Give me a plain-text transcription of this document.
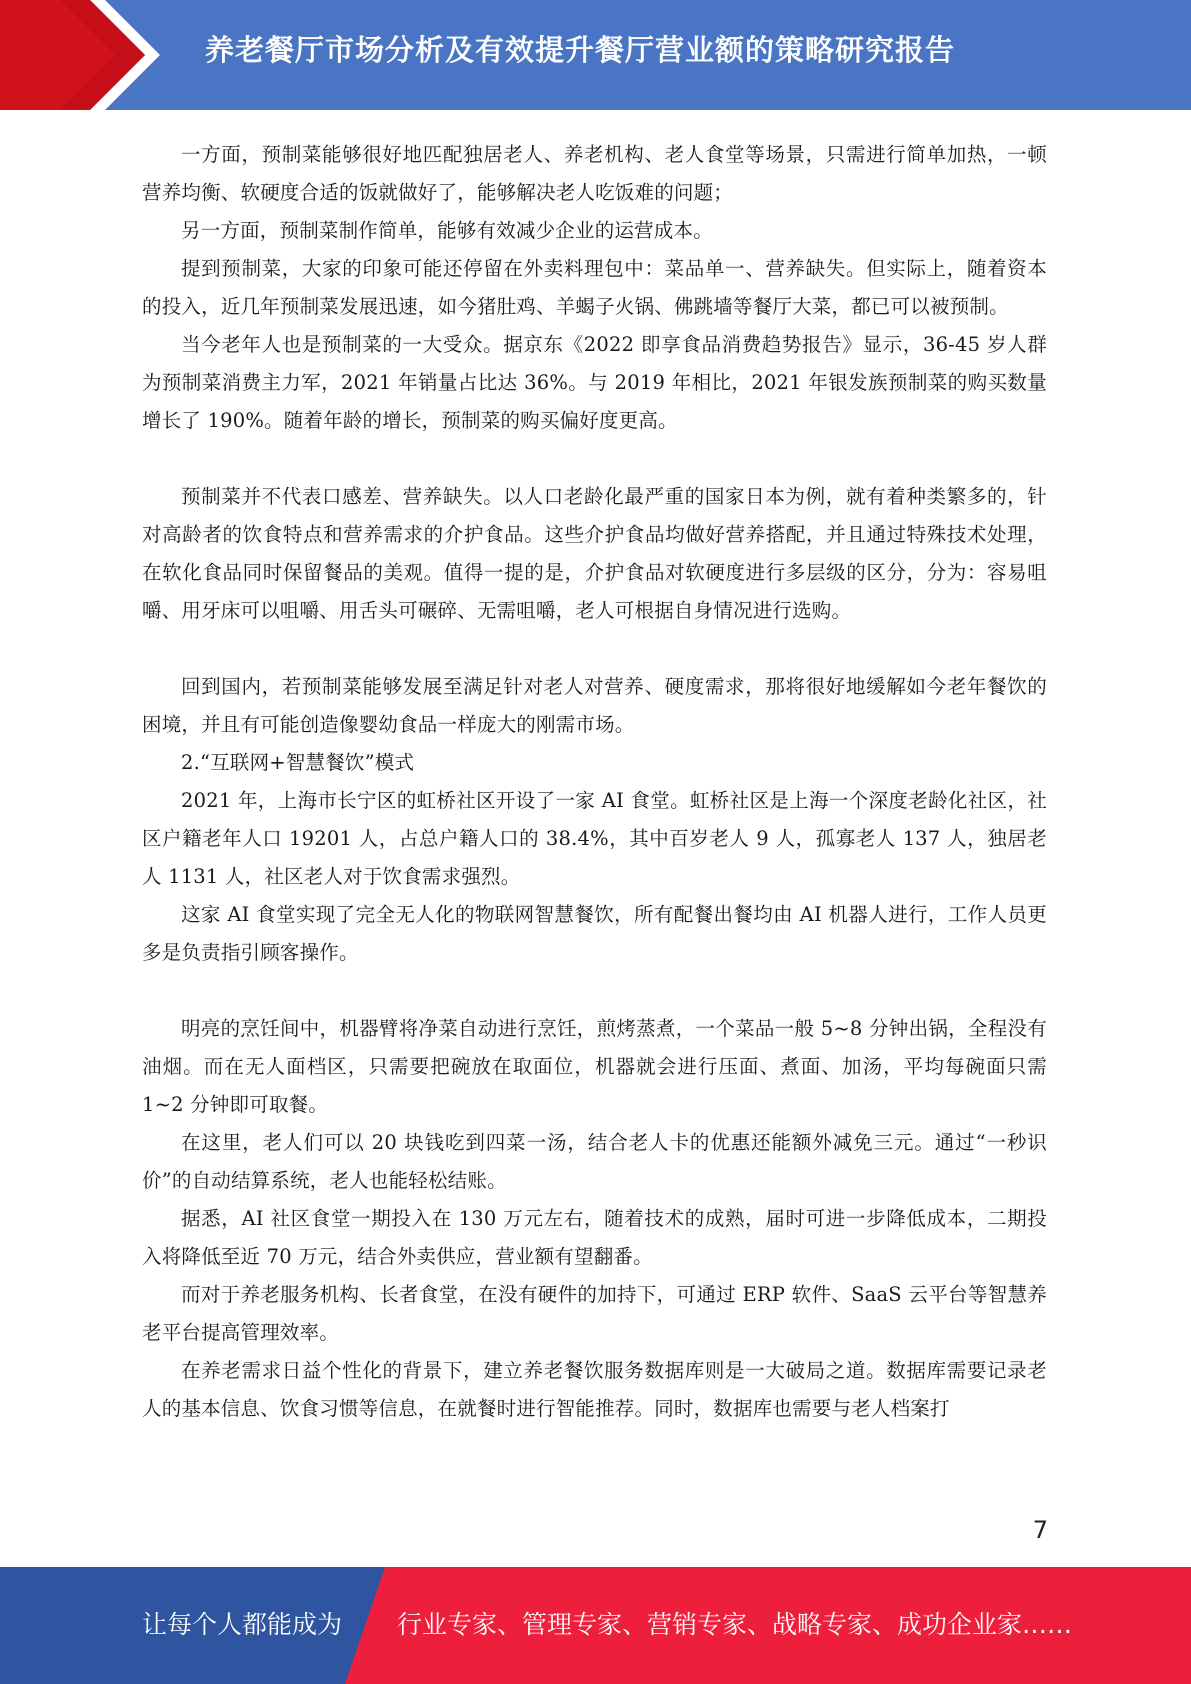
养老餐厅市场分析及有效提升餐厅营业额的策略研究报告

一方面，预制菜能够很好地匹配独居老人、养老机构、老人食堂等场景，只需进行简单加热，一顿营养均衡、软硬度合适的饭就做好了，能够解决老人吃饭难的问题；

另一方面，预制菜制作简单，能够有效减少企业的运营成本。

提到预制菜，大家的印象可能还停留在外卖料理包中：菜品单一、营养缺失。但实际上，随着资本的投入，近几年预制菜发展迅速，如今猪肚鸡、羊蝎子火锅、佛跳墙等餐厅大菜，都已可以被预制。

当今老年人也是预制菜的一大受众。据京东《2022 即享食品消费趋势报告》显示，36-45 岁人群为预制菜消费主力军，2021 年销量占比达 36%。与 2019 年相比，2021 年银发族预制菜的购买数量增长了 190%。随着年龄的增长，预制菜的购买偏好度更高。

预制菜并不代表口感差、营养缺失。以人口老龄化最严重的国家日本为例，就有着种类繁多的，针对高龄者的饮食特点和营养需求的介护食品。这些介护食品均做好营养搭配，并且通过特殊技术处理，在软化食品同时保留餐品的美观。值得一提的是，介护食品对软硬度进行多层级的区分，分为：容易咀嚼、用牙床可以咀嚼、用舌头可碾碎、无需咀嚼，老人可根据自身情况进行选购。

回到国内，若预制菜能够发展至满足针对老人对营养、硬度需求，那将很好地缓解如今老年餐饮的困境，并且有可能创造像婴幼食品一样庞大的刚需市场。

2.“互联网+智慧餐饮”模式

2021 年，上海市长宁区的虹桥社区开设了一家 AI 食堂。虹桥社区是上海一个深度老龄化社区，社区户籍老年人口 19201 人，占总户籍人口的 38.4%，其中百岁老人 9 人，孤寡老人 137 人，独居老人 1131 人，社区老人对于饮食需求强烈。

这家 AI 食堂实现了完全无人化的物联网智慧餐饮，所有配餐出餐均由 AI 机器人进行，工作人员更多是负责指引顾客操作。

明亮的烹饪间中，机器臂将净菜自动进行烹饪，煎烤蒸煮，一个菜品一般 5~8 分钟出锅，全程没有油烟。而在无人面档区，只需要把碗放在取面位，机器就会进行压面、煮面、加汤，平均每碗面只需 1~2 分钟即可取餐。

在这里，老人们可以 20 块钱吃到四菜一汤，结合老人卡的优惠还能额外减免三元。通过“一秒识价”的自动结算系统，老人也能轻松结账。

据悉，AI 社区食堂一期投入在 130 万元左右，随着技术的成熟，届时可进一步降低成本，二期投入将降低至近 70 万元，结合外卖供应，营业额有望翻番。

而对于养老服务机构、长者食堂，在没有硬件的加持下，可通过 ERP 软件、SaaS 云平台等智慧养老平台提高管理效率。

在养老需求日益个性化的背景下，建立养老餐饮服务数据库则是一大破局之道。数据库需要记录老人的基本信息、饮食习惯等信息，在就餐时进行智能推荐。同时，数据库也需要与老人档案打

7
让每个人都能成为 行业专家、管理专家、营销专家、战略专家、成功企业家……
